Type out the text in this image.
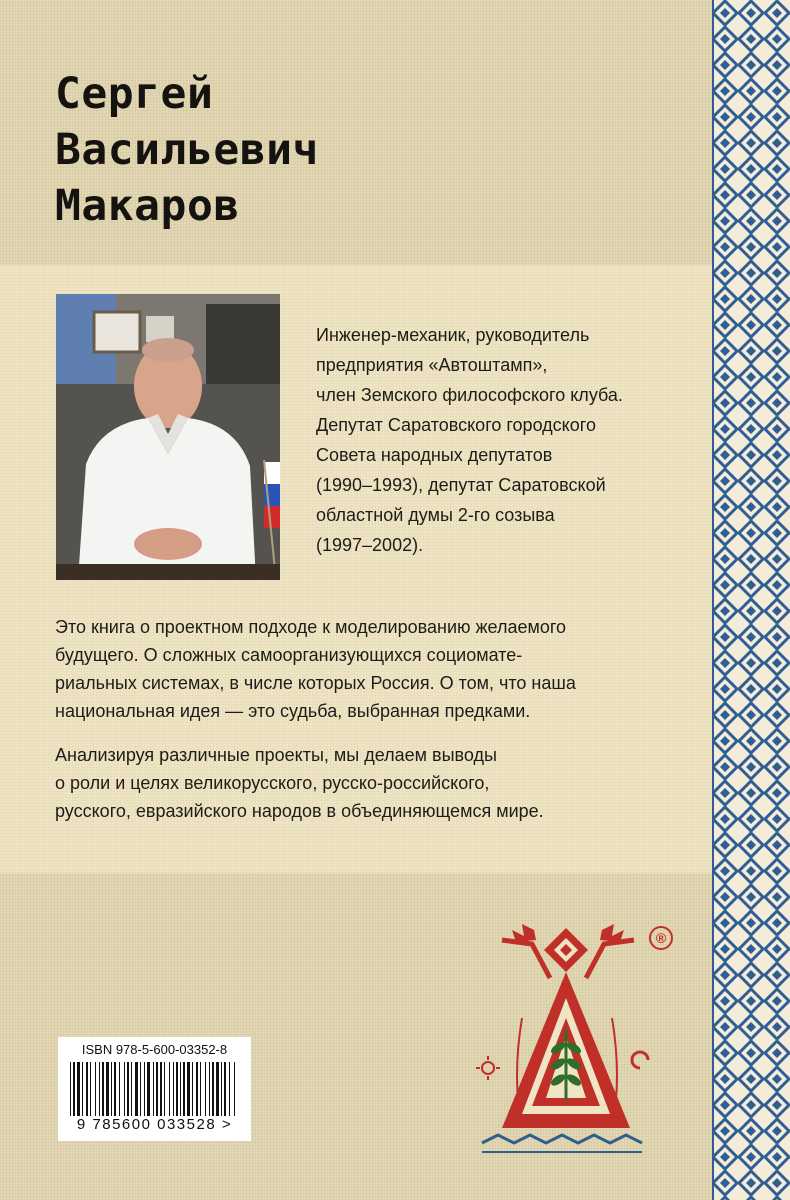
Сергей
Васильевич
Макаров

Инженер-механик, руководитель
предприятия «Автоштамп»,
член Земского философского клуба.
Депутат Саратовского городского
Совета народных депутатов
(1990–1993), депутат Саратовской
областной думы 2-го созыва
(1997–2002).

Это книга о проектном подходе к моделированию желаемого
будущего. О сложных самоорганизующихся социомате-
риальных системах, в числе которых Россия. О том, что наша
национальная идея — это судьба, выбранная предками.

Анализируя различные проекты, мы делаем выводы
о роли и целях великорусского, русско-российского,
русского, евразийского народов в объединяющемся мире.

ISBN 978-5-600-03352-8
9 785600 033528 >
®
